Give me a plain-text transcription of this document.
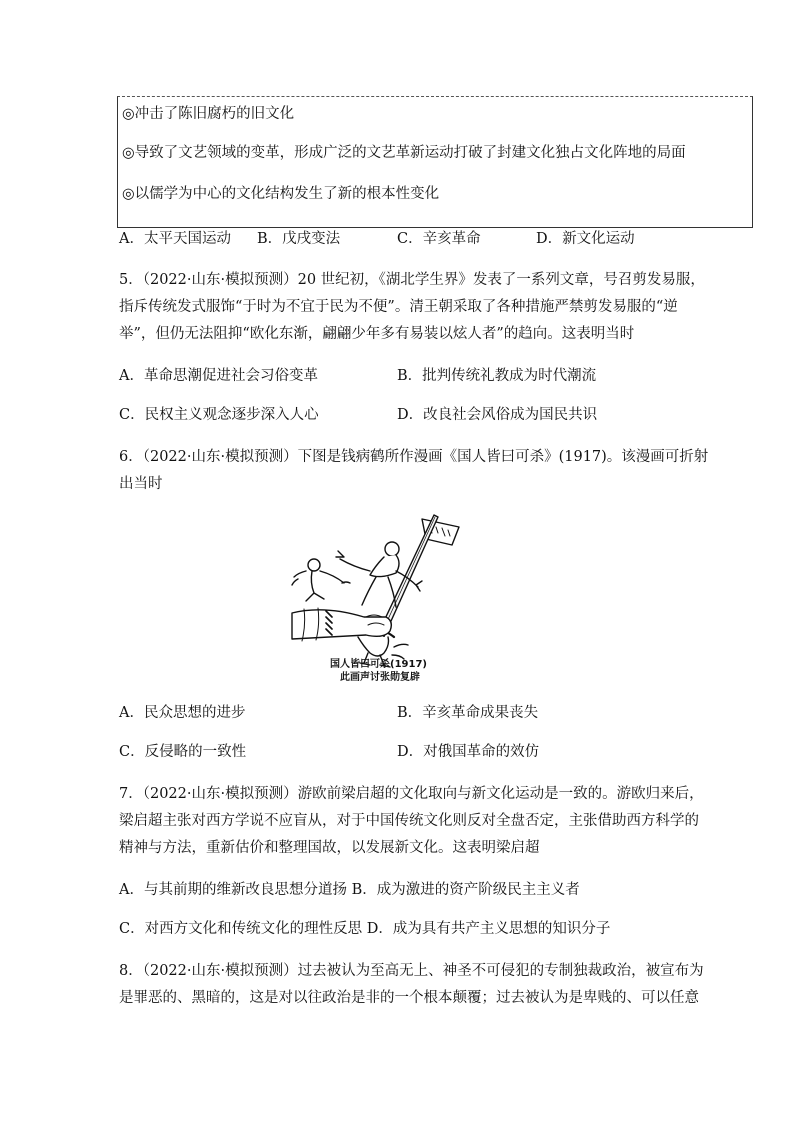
◎冲击了陈旧腐朽的旧文化
◎导致了文艺领域的变革，形成广泛的文艺革新运动打破了封建文化独占文化阵地的局面
◎以儒学为中心的文化结构发生了新的根本性变化
A．太平天国运动 B．戊戌变法	C．辛亥革命	D．新文化运动
5．（2022·山东·模拟预测）20 世纪初，《湖北学生界》发表了一系列文章，号召剪发易服，
指斥传统发式服饰“于时为不宜于民为不便”。清王朝采取了各种措施严禁剪发易服的“逆
举”，但仍无法阻抑“欧化东渐，翩翩少年多有易装以炫人者”的趋向。这表明当时
A．革命思潮促进社会习俗变革	B．批判传统礼教成为时代潮流
C．民权主义观念逐步深入人心	D．改良社会风俗成为国民共识
6．（2022·山东·模拟预测）下图是钱病鹤所作漫画《国人皆曰可杀》(1917)。该漫画可折射
出当时
国人皆曰可杀(1917)
此画声讨张勋复辟
A．民众思想的进步	B．辛亥革命成果丧失
C．反侵略的一致性	D．对俄国革命的效仿
7．（2022·山东·模拟预测）游欧前梁启超的文化取向与新文化运动是一致的。游欧归来后，
梁启超主张对西方学说不应盲从，对于中国传统文化则反对全盘否定，主张借助西方科学的
精神与方法，重新估价和整理国故，以发展新文化。这表明梁启超
A．与其前期的维新改良思想分道扬 B．成为激进的资产阶级民主主义者
C．对西方文化和传统文化的理性反思 D．成为具有共产主义思想的知识分子
8．（2022·山东·模拟预测）过去被认为至高无上、神圣不可侵犯的专制独裁政治，被宣布为
是罪恶的、黑暗的，这是对以往政治是非的一个根本颠覆；过去被认为是卑贱的、可以任意
